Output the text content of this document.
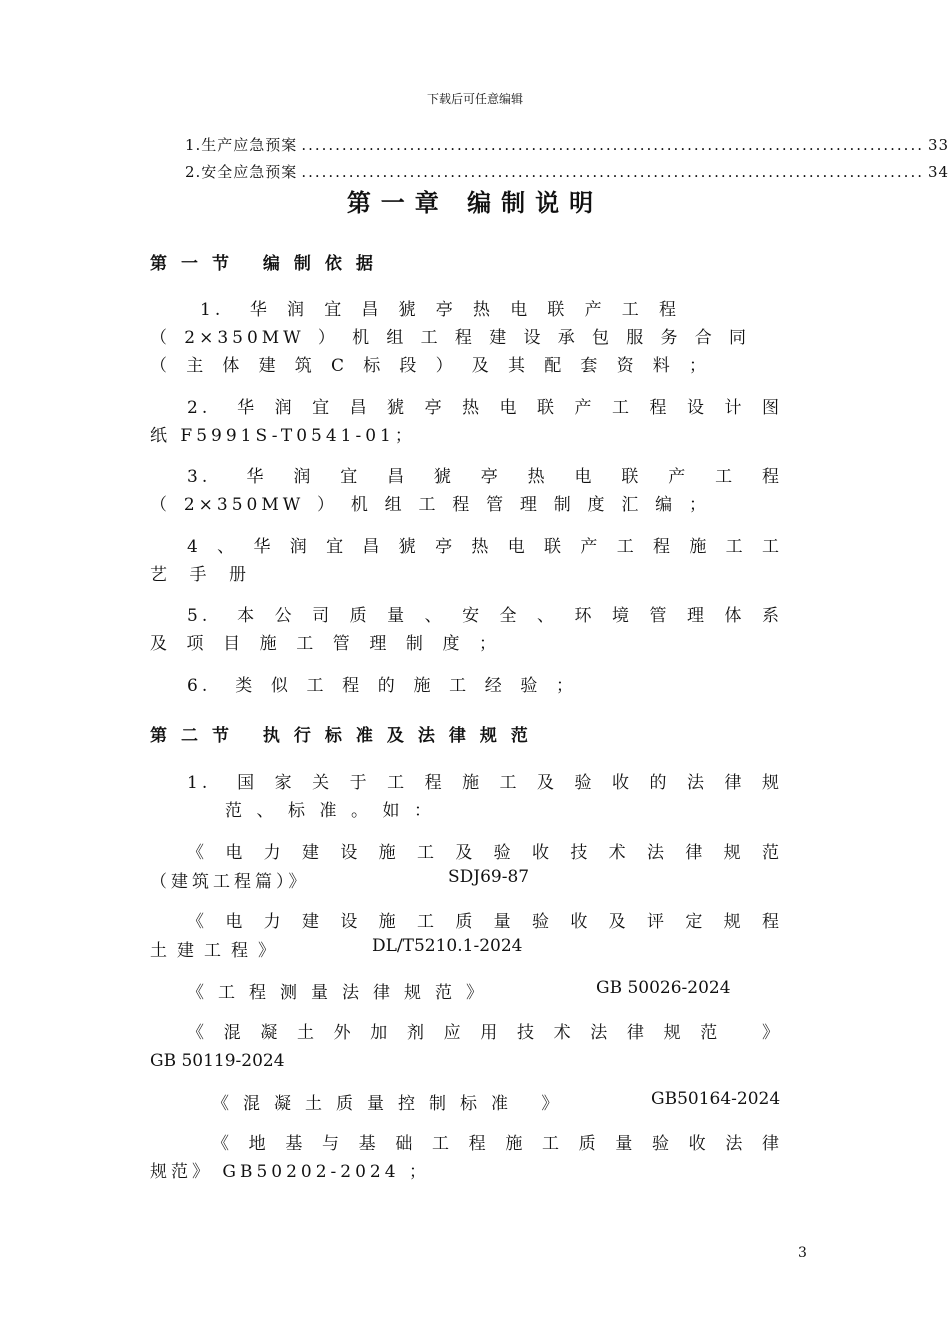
下载后可任意编辑
1.生产应急预案 ............................................................................................ 33
2.安全应急预案 ............................................................................................ 34
第一章 编制说明
第一节 编制依据
1. 华润宜昌猇亭热电联产工程
（2×350MW）机组工程建设承包服务合同
（主体建筑C标段）及其配套资料；
2. 华润宜昌猇亭热电联产工程设计图
纸 F5991S-T0541-01；
3. 华润宜昌猇亭热电联产工程
（2×350MW）机组工程管理制度汇编；
4、华润宜昌猇亭热电联产工程施工工
艺手册
5. 本公司质量、安全、环境管理体系
及项目施工管理制度；
6. 类似工程的施工经验；
第二节 执行标准及法律规范
1. 国家关于工程施工及验收的法律规
范、标准。如：
《电力建设施工及验收技术法律规范
（建筑工程篇）》	SDJ69-87
《电力建设施工质量验收及评定规程
土建工程》	DL/T5210.1-2024
《工程测量法律规范》	GB 50026-2024
《混凝土外加剂应用技术法律规范 》
GB 50119-2024
《混凝土质量控制标准 》	GB50164-2024
《地基与基础工程施工质量验收法律
规范》 GB50202-2024 ；
3
